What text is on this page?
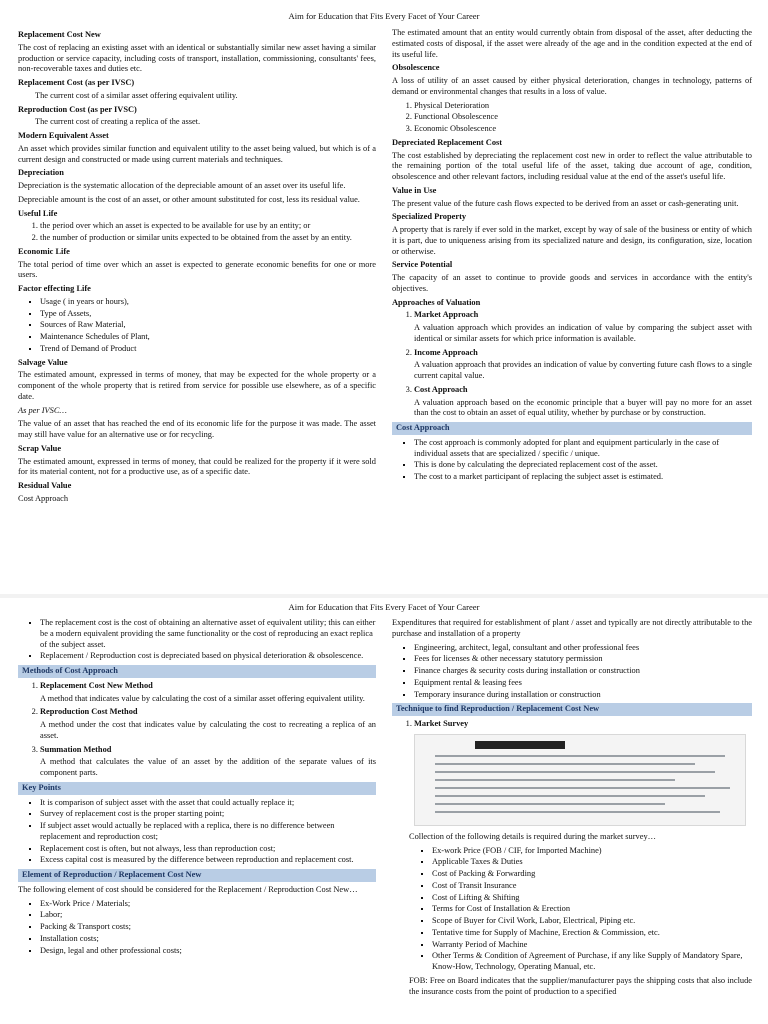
Aim for Education that Fits Every Facet of Your Career
Replacement Cost New

The cost of replacing an existing asset with an identical or substantially similar new asset having a similar production or service capacity, including costs of transport, installation, commissioning, consultants' fees, non-recoverable taxes and duties etc.

Replacement Cost (as per IVSC)

The current cost of a similar asset offering equivalent utility.

Reproduction Cost (as per IVSC)

The current cost of creating a replica of the asset.

Modern Equivalent Asset

An asset which provides similar function and equivalent utility to the asset being valued, but which is of a current design and constructed or made using current materials and techniques.

Depreciation

Depreciation is the systematic allocation of the depreciable amount of an asset over its useful life.

Depreciable amount is the cost of an asset, or other amount substituted for cost, less its residual value.

Useful Life
1. the period over which an asset is expected to be available for use by an entity; or
2. the number of production or similar units expected to be obtained from the asset by an entity.
Economic Life

The total period of time over which an asset is expected to generate economic benefits for one or more users.

Factor effecting Life
▪ Usage ( in years or hours),
▪ Type of Assets,
▪ Sources of Raw Material,
▪ Maintenance Schedules of Plant,
▪ Trend of Demand of Product
Salvage Value

The estimated amount, expressed in terms of money, that may be expected for the whole property or a component of the whole property that is retired from service for possible use elsewhere, as of a specific date.

As per IVSC…

The value of an asset that has reached the end of its economic life for the purpose it was made. The asset may still have value for an alternative use or for recycling.

Scrap Value

The estimated amount, expressed in terms of money, that could be realized for the property if it were sold for its material content, not for a productive use, as of a specific date.

Residual Value
Cost Approach

The estimated amount that an entity would currently obtain from disposal of the asset, after deducting the estimated costs of disposal, if the asset were already of the age and in the condition expected at the end of its useful life.

Obsolescence

A loss of utility of an asset caused by either physical deterioration, changes in technology, patterns of demand or environmental changes that results in a loss of value.

1. Physical Deterioration
2. Functional Obsolescence
3. Economic Obsolescence
Depreciated Replacement Cost

The cost established by depreciating the replacement cost new in order to reflect the value attributable to the remaining portion of the total useful life of the asset, taking due account of age, condition, obsolescence and other relevant factors, including residual value at the end of the asset's useful life.

Value in Use

The present value of the future cash flows expected to be derived from an asset or cash-generating unit.

Specialized Property

A property that is rarely if ever sold in the market, except by way of sale of the business or entity of which it is part, due to uniqueness arising from its specialized nature and design, its configuration, size, location or otherwise.

Service Potential

The capacity of an asset to continue to provide goods and services in accordance with the entity's objectives.

Approaches of Valuation
1. Market Approach

A valuation approach which provides an indication of value by comparing the subject asset with identical or similar assets for which price information is available.

2. Income Approach

A valuation approach that provides an indication of value by converting future cash flows to a single current capital value.

3. Cost Approach

A valuation approach based on the economic principle that a buyer will pay no more for an asset than the cost to obtain an asset of equal utility, whether by purchase or by construction.

Cost Approach
▪ The cost approach is commonly adopted for plant and equipment particularly in the case of individual assets that are specialized / specific / unique.
▪ This is done by calculating the depreciated replacement cost of the asset.
▪ The cost to a market participant of replacing the subject asset is estimated.
Aim for Education that Fits Every Facet of Your Career
▪ The replacement cost is the cost of obtaining an alternative asset of equivalent utility; this can either be a modern equivalent providing the same functionality or the cost of reproducing an exact replica of the subject asset.
▪ Replacement / Reproduction cost is depreciated based on physical deterioration & obsolescence.
Methods of Cost Approach
1. Replacement Cost New Method

A method that indicates value by calculating the cost of a similar asset offering equivalent utility.

2. Reproduction Cost Method

A method under the cost that indicates value by calculating the cost to recreating a replica of an asset.

3. Summation Method

A method that calculates the value of an asset by the addition of the separate values of its component parts.

Key Points
▪ It is comparison of subject asset with the asset that could actually replace it;
▪ Survey of replacement cost is the proper starting point;
▪ If subject asset would actually be replaced with a replica, there is no difference between replacement and reproduction cost;
▪ Replacement cost is often, but not always, less than reproduction cost;
▪ Excess capital cost is measured by the difference between reproduction and replacement cost.
Element of Reproduction / Replacement Cost New

The following element of cost should be considered for the Replacement / Reproduction Cost New…

▪ Ex-Work Price / Materials;
▪ Labor;
▪ Packing & Transport costs;
▪ Installation costs;
▪ Design, legal and other professional costs;

Expenditures that required for establishment of plant / asset and typically are not directly attributable to the purchase and installation of a property

▪ Engineering, architect, legal, consultant and other professional fees
▪ Fees for licenses & other necessary statutory permission
▪ Finance charges & security costs during installation or construction
▪ Equipment rental & leasing fees
▪ Temporary insurance during installation or construction
Technique to find Reproduction / Replacement Cost New
1. Market Survey

Collection of the following details is required during the market survey…

▪ Ex-work Price (FOB / CIF, for Imported Machine)
▪ Applicable Taxes & Duties
▪ Cost of Packing & Forwarding
▪ Cost of Transit Insurance
▪ Cost of Lifting & Shifting
▪ Terms for Cost of Installation & Erection
▪ Scope of Buyer for Civil Work, Labor, Electrical, Piping etc.
▪ Tentative time for Supply of Machine, Erection & Commission, etc.
▪ Warranty Period of Machine
▪ Other Terms & Condition of Agreement of Purchase, if any like Supply of Mandatory Spare, Know-How, Technology, Operating Manual, etc.

FOB: Free on Board indicates that the supplier/manufacturer pays the shipping costs that also include the insurance costs from the point of production to a specified
